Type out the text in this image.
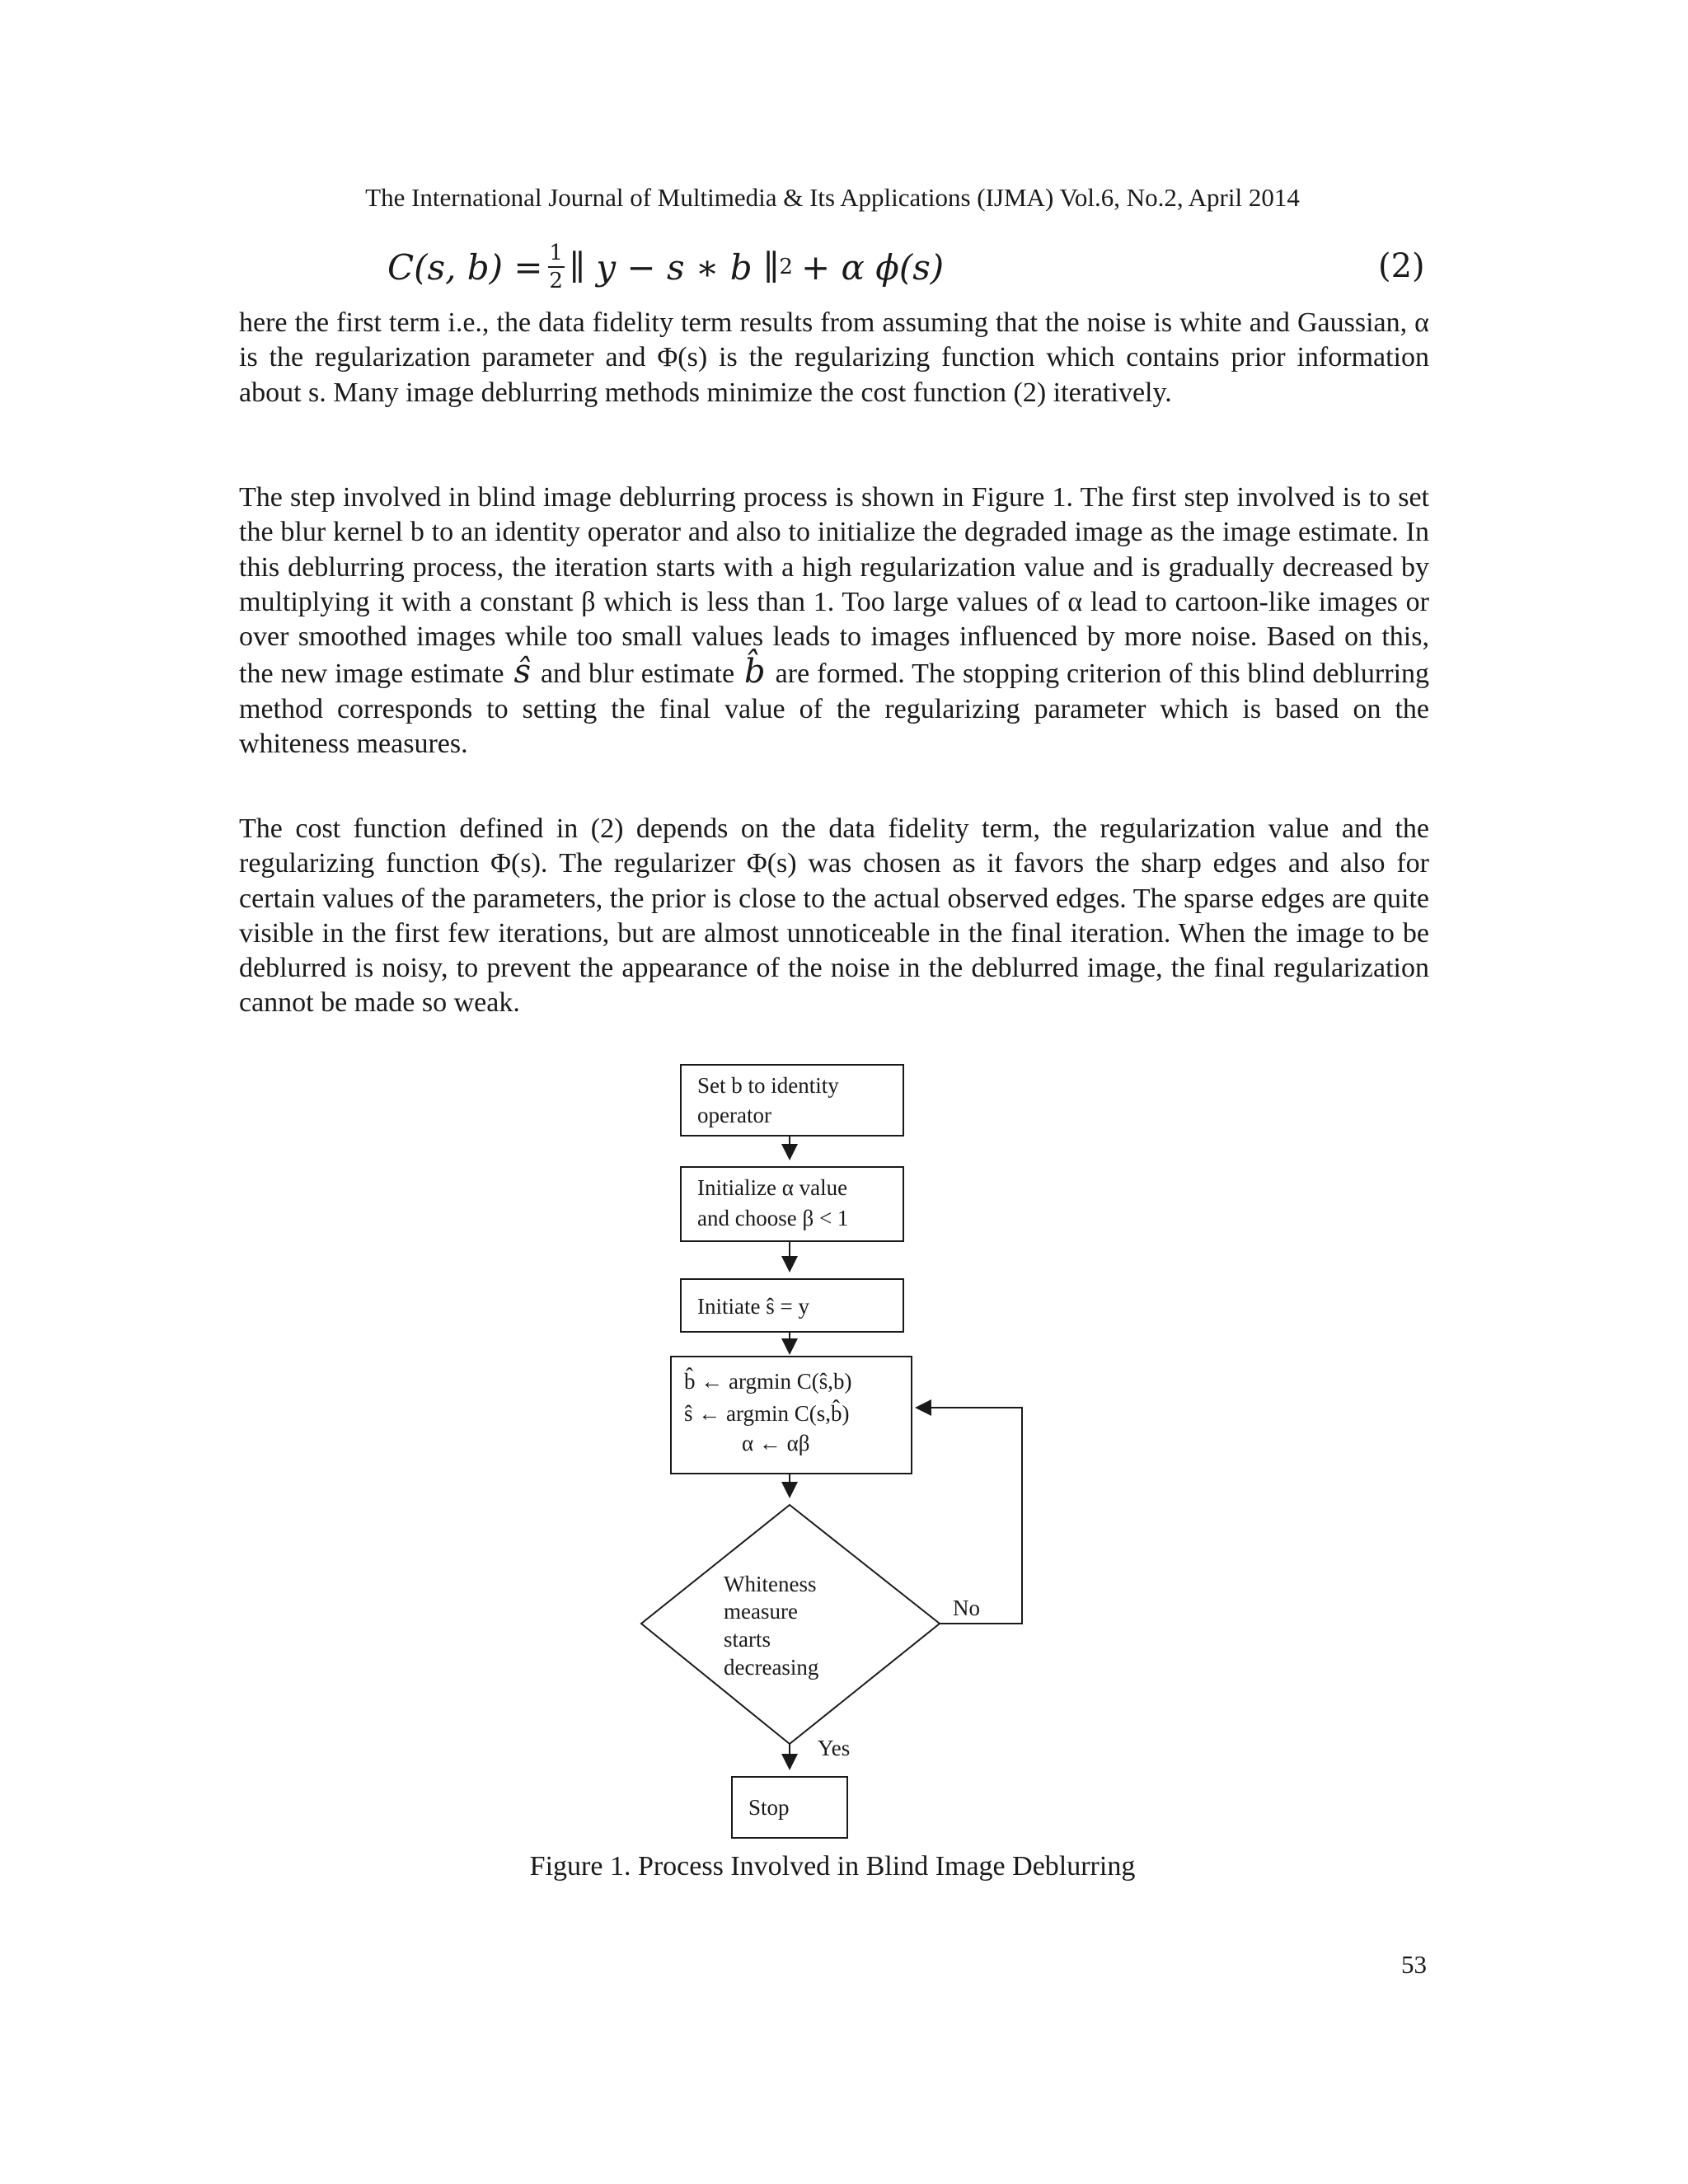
The International Journal of Multimedia & Its Applications (IJMA) Vol.6, No.2, April 2014
C(s, $b) = \frac{1}{2}$ ∥ y − s ∗ b ∥ 2 + α ϕ(s)	(2)

here the first term i.e., the data fidelity term results from assuming that the noise is white and Gaussian, α is the regularization parameter and Φ(s) is the regularizing function which contains prior information about s. Many image deblurring methods minimize the cost function (2) iteratively.

The step involved in blind image deblurring process is shown in Figure 1. The first step involved is to set the blur kernel b to an identity operator and also to initialize the degraded image as the image estimate. In this deblurring process, the iteration starts with a high regularization value and is gradually decreased by multiplying it with a constant β which is less than 1. Too large values of α lead to cartoon-like images or over smoothed images while too small values leads to images influenced by more noise. Based on this, the new image estimate ŝ and blur estimate b̂ are formed. The stopping criterion of this blind deblurring method corresponds to setting the final value of the regularizing parameter which is based on the whiteness measures.

The cost function defined in (2) depends on the data fidelity term, the regularization value and the regularizing function Φ(s). The regularizer Φ(s) was chosen as it favors the sharp edges and also for certain values of the parameters, the prior is close to the actual observed edges. The sparse edges are quite visible in the first few iterations, but are almost unnoticeable in the final iteration. When the image to be deblurred is noisy, to prevent the appearance of the noise in the deblurred image, the final regularization cannot be made so weak.

Set b to identity
operator
Initialize α value
and choose β < 1
Initiate ŝ = y
b̂ ← argmin C(ŝ,b)
ŝ ← argmin C(s,b̂)
α ← αβ
Whiteness
measure
starts
decreasing
No
Yes
Stop
Figure 1. Process Involved in Blind Image Deblurring
53
